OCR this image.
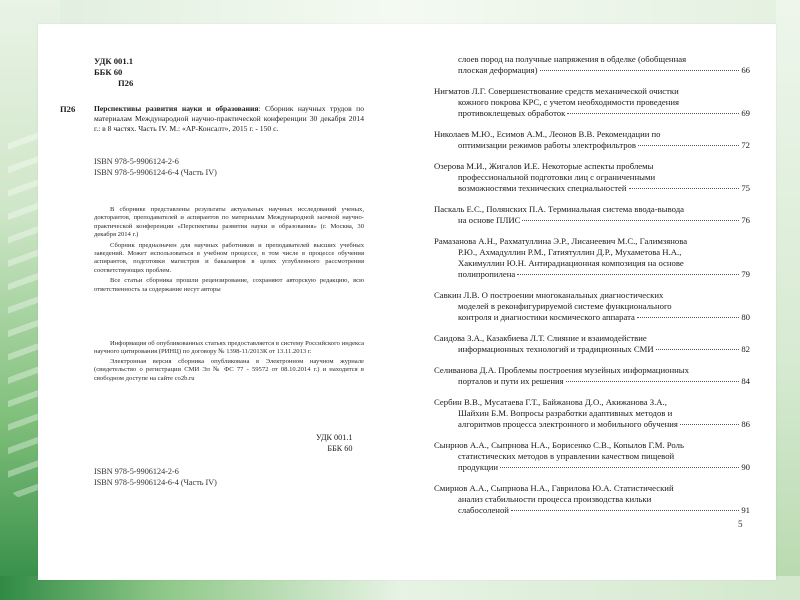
УДК 001.1
ББК 60
П26
П26 Перспективы развития науки и образования: Сборник научных трудов по материалам Международной научно-практической конференции 30 декабря 2014 г.: в 8 частях. Часть IV. М.: «АР-Консалт», 2015 г. - 150 с.
ISBN 978-5-9906124-2-6
ISBN 978-5-9906124-6-4 (Часть IV)

В сборнике представлены результаты актуальных научных исследований ученых, докторантов, преподавателей и аспирантов по материалам Международной заочной научно-практической конференции «Перспективы развития науки и образования» (г. Москва, 30 декабря 2014 г.)

Сборник предназначен для научных работников и преподавателей высших учебных заведений. Может использоваться в учебном процессе, в том числе в процессе обучения аспирантов, подготовки магистров и бакалавров в целях углубленного рассмотрения соответствующих проблем.

Все статьи сборника прошли рецензирование, сохраняют авторскую редакцию, всю ответственность за содержание несут авторы

Информация об опубликованных статьях предоставляется в систему Российского индекса научного цитирования (РИНЦ) по договору № 1398-11/2013К от 13.11.2013 г.

Электронная версия сборника опубликована в Электронном научном журнале (свидетельство о регистрации СМИ Эл № ФС 77 - 59572 от 08.10.2014 г.) и находится в свободном доступе на сайте co2b.ru

УДК 001.1
ББК 60
ISBN 978-5-9906124-2-6
ISBN 978-5-9906124-6-4 (Часть IV)
слоев пород на получные напряжения в обделке (обобщенная
плоская деформация)	66
Нигматов Л.Г. Совершенствование средств механической очистки
кожного покрова КРС, с учетом необходимости проведения
противоклещевых обработок	69
Николаев М.Ю., Есимов А.М., Леонов В.В. Рекомендации по
оптимизации режимов работы электрофильтров	72
Озерова М.И., Жигалов И.Е. Некоторые аспекты проблемы
профессиональной подготовки лиц с ограниченными
возможностями технических специальностей	75
Паскаль Е.С., Полянских П.А. Терминальная система ввода-вывода
на основе ПЛИС	76
Рамазанова А.Н., Рахматуллина Э.Р., Лисанеевич М.С., Галимзянова
Р.Ю., Ахмадуллин Р.М., Гатиятуллин Д.Р., Мухаметова Н.А.,
Хакимуллин Ю.Н. Антирадиационная композиция на основе
полипропилена	79
Савкин Л.В. О построении многоканальных диагностических
моделей в реконфигурируемой системе функционального
контроля и диагностики космического аппарата	80
Саидова З.А., Казакбиева Л.Т. Слияние и взаимодействие
информационных технологий и традиционных СМИ	82
Селиванова Д.А. Проблемы построения музейных информационных
порталов и пути их решения	84
Сербин В.В., Мусатаева Г.Т., Байжанова Д.О., Акижанова З.А.,
Шайхин Б.М. Вопросы разработки адаптивных методов и
алгоритмов процесса электронного и мобильного обучения	86
Сынрнов А.А., Сыпрнова Н.А., Борисенко С.В., Копылов Г.М. Роль
статистических методов в управлении качеством пищевой
продукции	90
Смирнов А.А., Сыпрнова Н.А., Гаврилова Ю.А. Статистический
анализ стабильности процесса производства кильки
слабосоленой	91
5
